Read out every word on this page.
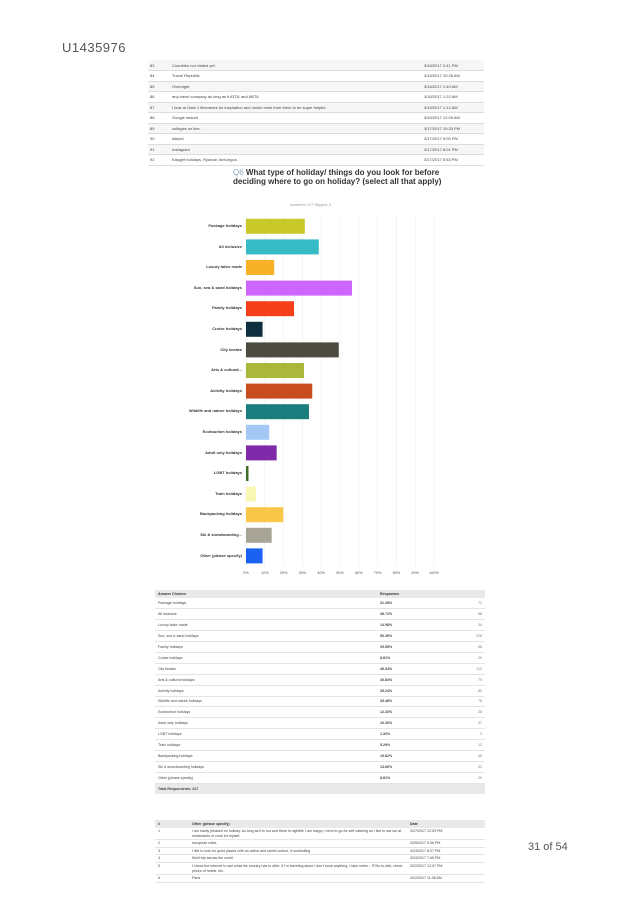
U1435976
83	Countries not visited yet	3/16/2017 2:41 PM
84	Travel Republic	3/16/2017 10:26 AM
85	Overnight	3/16/2017 1:40 AM
86	any travel company as long as it ATOL and ABTA	3/16/2017 1:22 AM
87	I look at Gate 1 itineraries for inspiration and model mine from them to be super helpful	3/16/2017 1:12 AM
88	Google search	3/16/2017 12:06 AM
89	colleges on line.	3/17/2017 10:33 PM
90	istepid	3/17/2017 9:00 PM
91	Instagram	3/17/2017 8:01 PM
92	Easyjet holidays, Ryanair, AerLingus.	3/17/2017 6:53 PM
Q6 What type of holiday/ things do you look for before deciding where to go on holiday? (select all that apply)
Answered: 227 Skipped: 8
0%	10%	20%	30%	40%	50%	60%	70%	80%	90%	100%
Package holidays
All inclusive
Luxury tailor made
Sun, sea & sand holidays
Family holidays
Cruise holidays
City breaks
Arts & cultural...
Activity holidays
Wildlife and nature holidays
Ecotourism holidays
Adult only holidays
LGBT holidays
Train holidays
Backpacking holidays
Ski & snowboarding...
Other (please specify)
Answer Choices	Responses	
Package holidays	31.28%	71
All inclusive	38.72%	88
Luxury tailor made	14.98%	34
Sun, sea & sand holidays	56.39%	128
Family holidays	25.55%	58
Cruise holidays	8.81%	20
City breaks	49.34%	112
Arts & cultural holidays	30.84%	70
Activity holidays	35.24%	80
Wildlife and nature holidays	33.48%	76
Ecotourism holidays	12.33%	28
Adult only holidays	16.30%	37
LGBT holidays	1.32%	3
Train holidays	5.29%	12
Backpacking holidays	19.82%	45
Ski & snowboarding holidays	13.66%	31
Other (please specify)	8.81%	20
Total Respondents: 227		
#	Other (please specify)	Date
1	I am easily pleased on holiday. As long as it is hot and there is nightlife I am happy. I tend to go for self catering as I like to eat out at restaurants or cook for myself.	3/27/2017 12:03 PM
2	european cities	3/25/2017 9:36 PM
3	I like to look for quiet places with an active and sweet culture, if snorkelling	3/24/2017 8:27 PM
4	Multi trip across the world	3/24/2017 7:45 PM
5	I check the internet to see what the country has to offer. If I'm traveling alone I don't book anything. I take notes... POIs to visit, check prices of hotels, etc.	3/22/2017 12:07 PM
6	Paris	3/22/2017 11:06 AM
31 of 54
